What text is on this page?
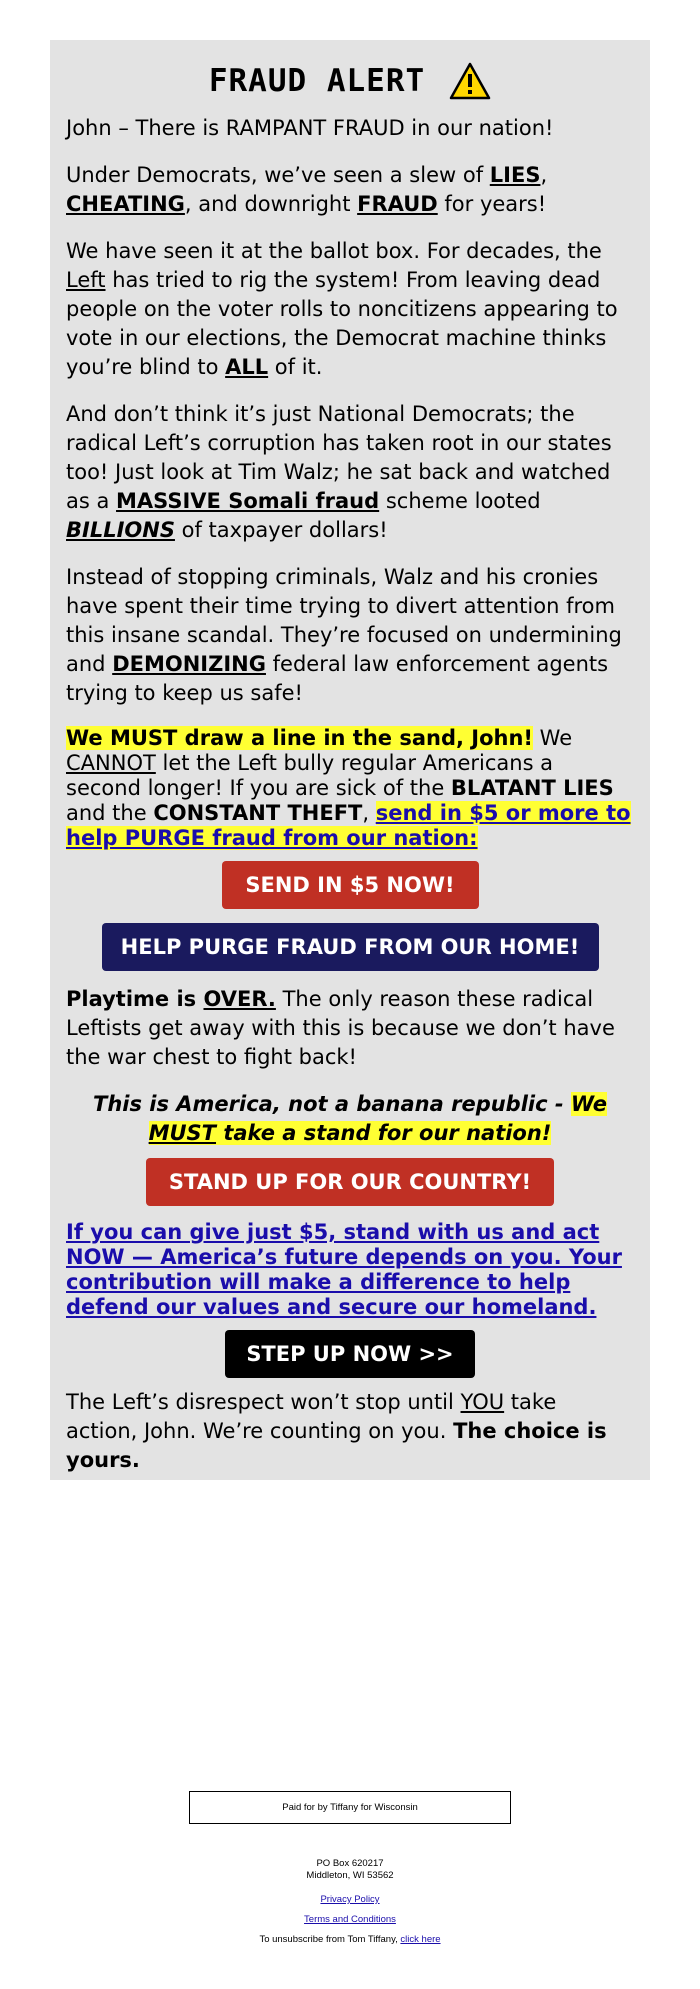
FRAUD ALERT

John – There is RAMPANT FRAUD in our nation!

Under Democrats, we’ve seen a slew of LIES, CHEATING, and downright FRAUD for years!

We have seen it at the ballot box. For decades, the Left has tried to rig the system! From leaving dead people on the voter rolls to noncitizens appearing to vote in our elections, the Democrat machine thinks you’re blind to ALL of it.

And don’t think it’s just National Democrats; the radical Left’s corruption has taken root in our states too! Just look at Tim Walz; he sat back and watched as a MASSIVE Somali fraud scheme looted BILLIONS of taxpayer dollars!

Instead of stopping criminals, Walz and his cronies have spent their time trying to divert attention from this insane scandal. They’re focused on undermining and DEMONIZING federal law enforcement agents trying to keep us safe!

We MUST draw a line in the sand, John! We CANNOT let the Left bully regular Americans a second longer! If you are sick of the BLATANT LIES and the CONSTANT THEFT, send in $5 or more to help PURGE fraud from our nation:

SEND IN $5 NOW!
HELP PURGE FRAUD FROM OUR HOME!

Playtime is OVER. The only reason these radical Leftists get away with this is because we don’t have the war chest to fight back!

This is America, not a banana republic - We MUST take a stand for our nation!

STAND UP FOR OUR COUNTRY!

If you can give just $5, stand with us and act NOW — America’s future depends on you. Your contribution will make a difference to help defend our values and secure our homeland.

STEP UP NOW >>

The Left’s disrespect won’t stop until YOU take action, John. We’re counting on you. The choice is yours.

Paid for by Tiffany for Wisconsin
PO Box 620217
Middleton, WI 53562
Privacy Policy
Terms and Conditions
To unsubscribe from Tom Tiffany, click here
